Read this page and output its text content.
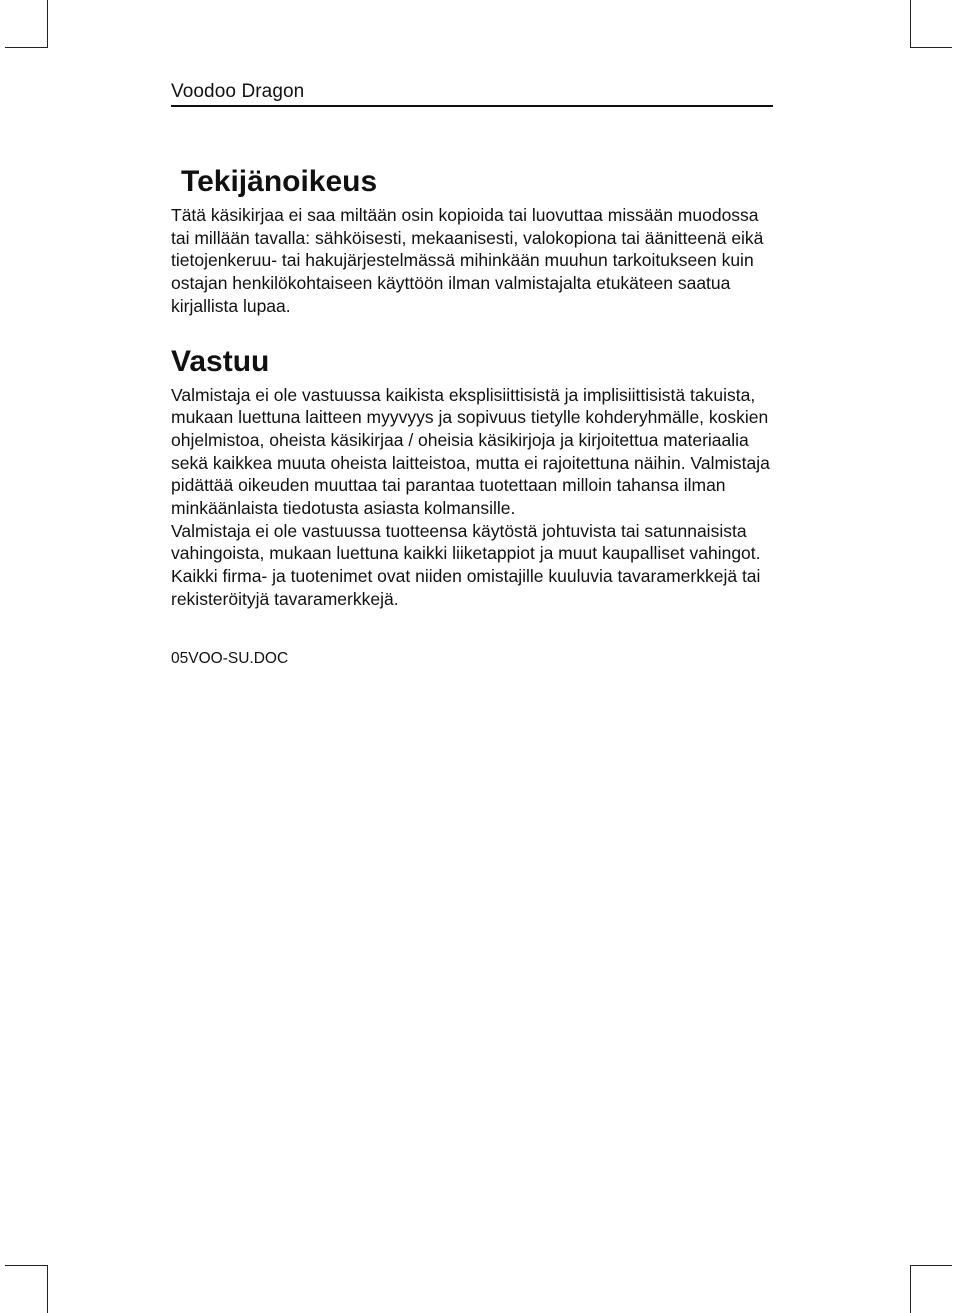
Voodoo Dragon
Tekijänoikeus

Tätä käsikirjaa ei saa miltään osin kopioida tai luovuttaa missään muodossa tai millään tavalla: sähköisesti, mekaanisesti, valokopiona tai äänitteenä eikä tietojenkeruu- tai hakujärjestelmässä mihinkään muuhun tarkoitukseen kuin ostajan henkilökohtaiseen käyttöön ilman valmistajalta etukäteen saatua kirjallista lupaa.

Vastuu

Valmistaja ei ole vastuussa kaikista eksplisiittisistä ja implisiittisistä takuista, mukaan luettuna laitteen myyvyys ja sopivuus tietylle kohderyhmälle, koskien ohjelmistoa, oheista käsikirjaa / oheisia käsikirjoja ja kirjoitettua materiaalia sekä kaikkea muuta oheista laitteistoa, mutta ei rajoitettuna näihin. Valmistaja pidättää oikeuden muuttaa tai parantaa tuotettaan milloin tahansa ilman minkäänlaista tiedotusta asiasta kolmansille.

Valmistaja ei ole vastuussa tuotteensa käytöstä johtuvista tai satunnaisista vahingoista, mukaan luettuna kaikki liiketappiot ja muut kaupalliset vahingot.

Kaikki firma- ja tuotenimet ovat niiden omistajille kuuluvia tavaramerkkejä tai rekisteröityjä tavaramerkkejä.

05VOO-SU.DOC
